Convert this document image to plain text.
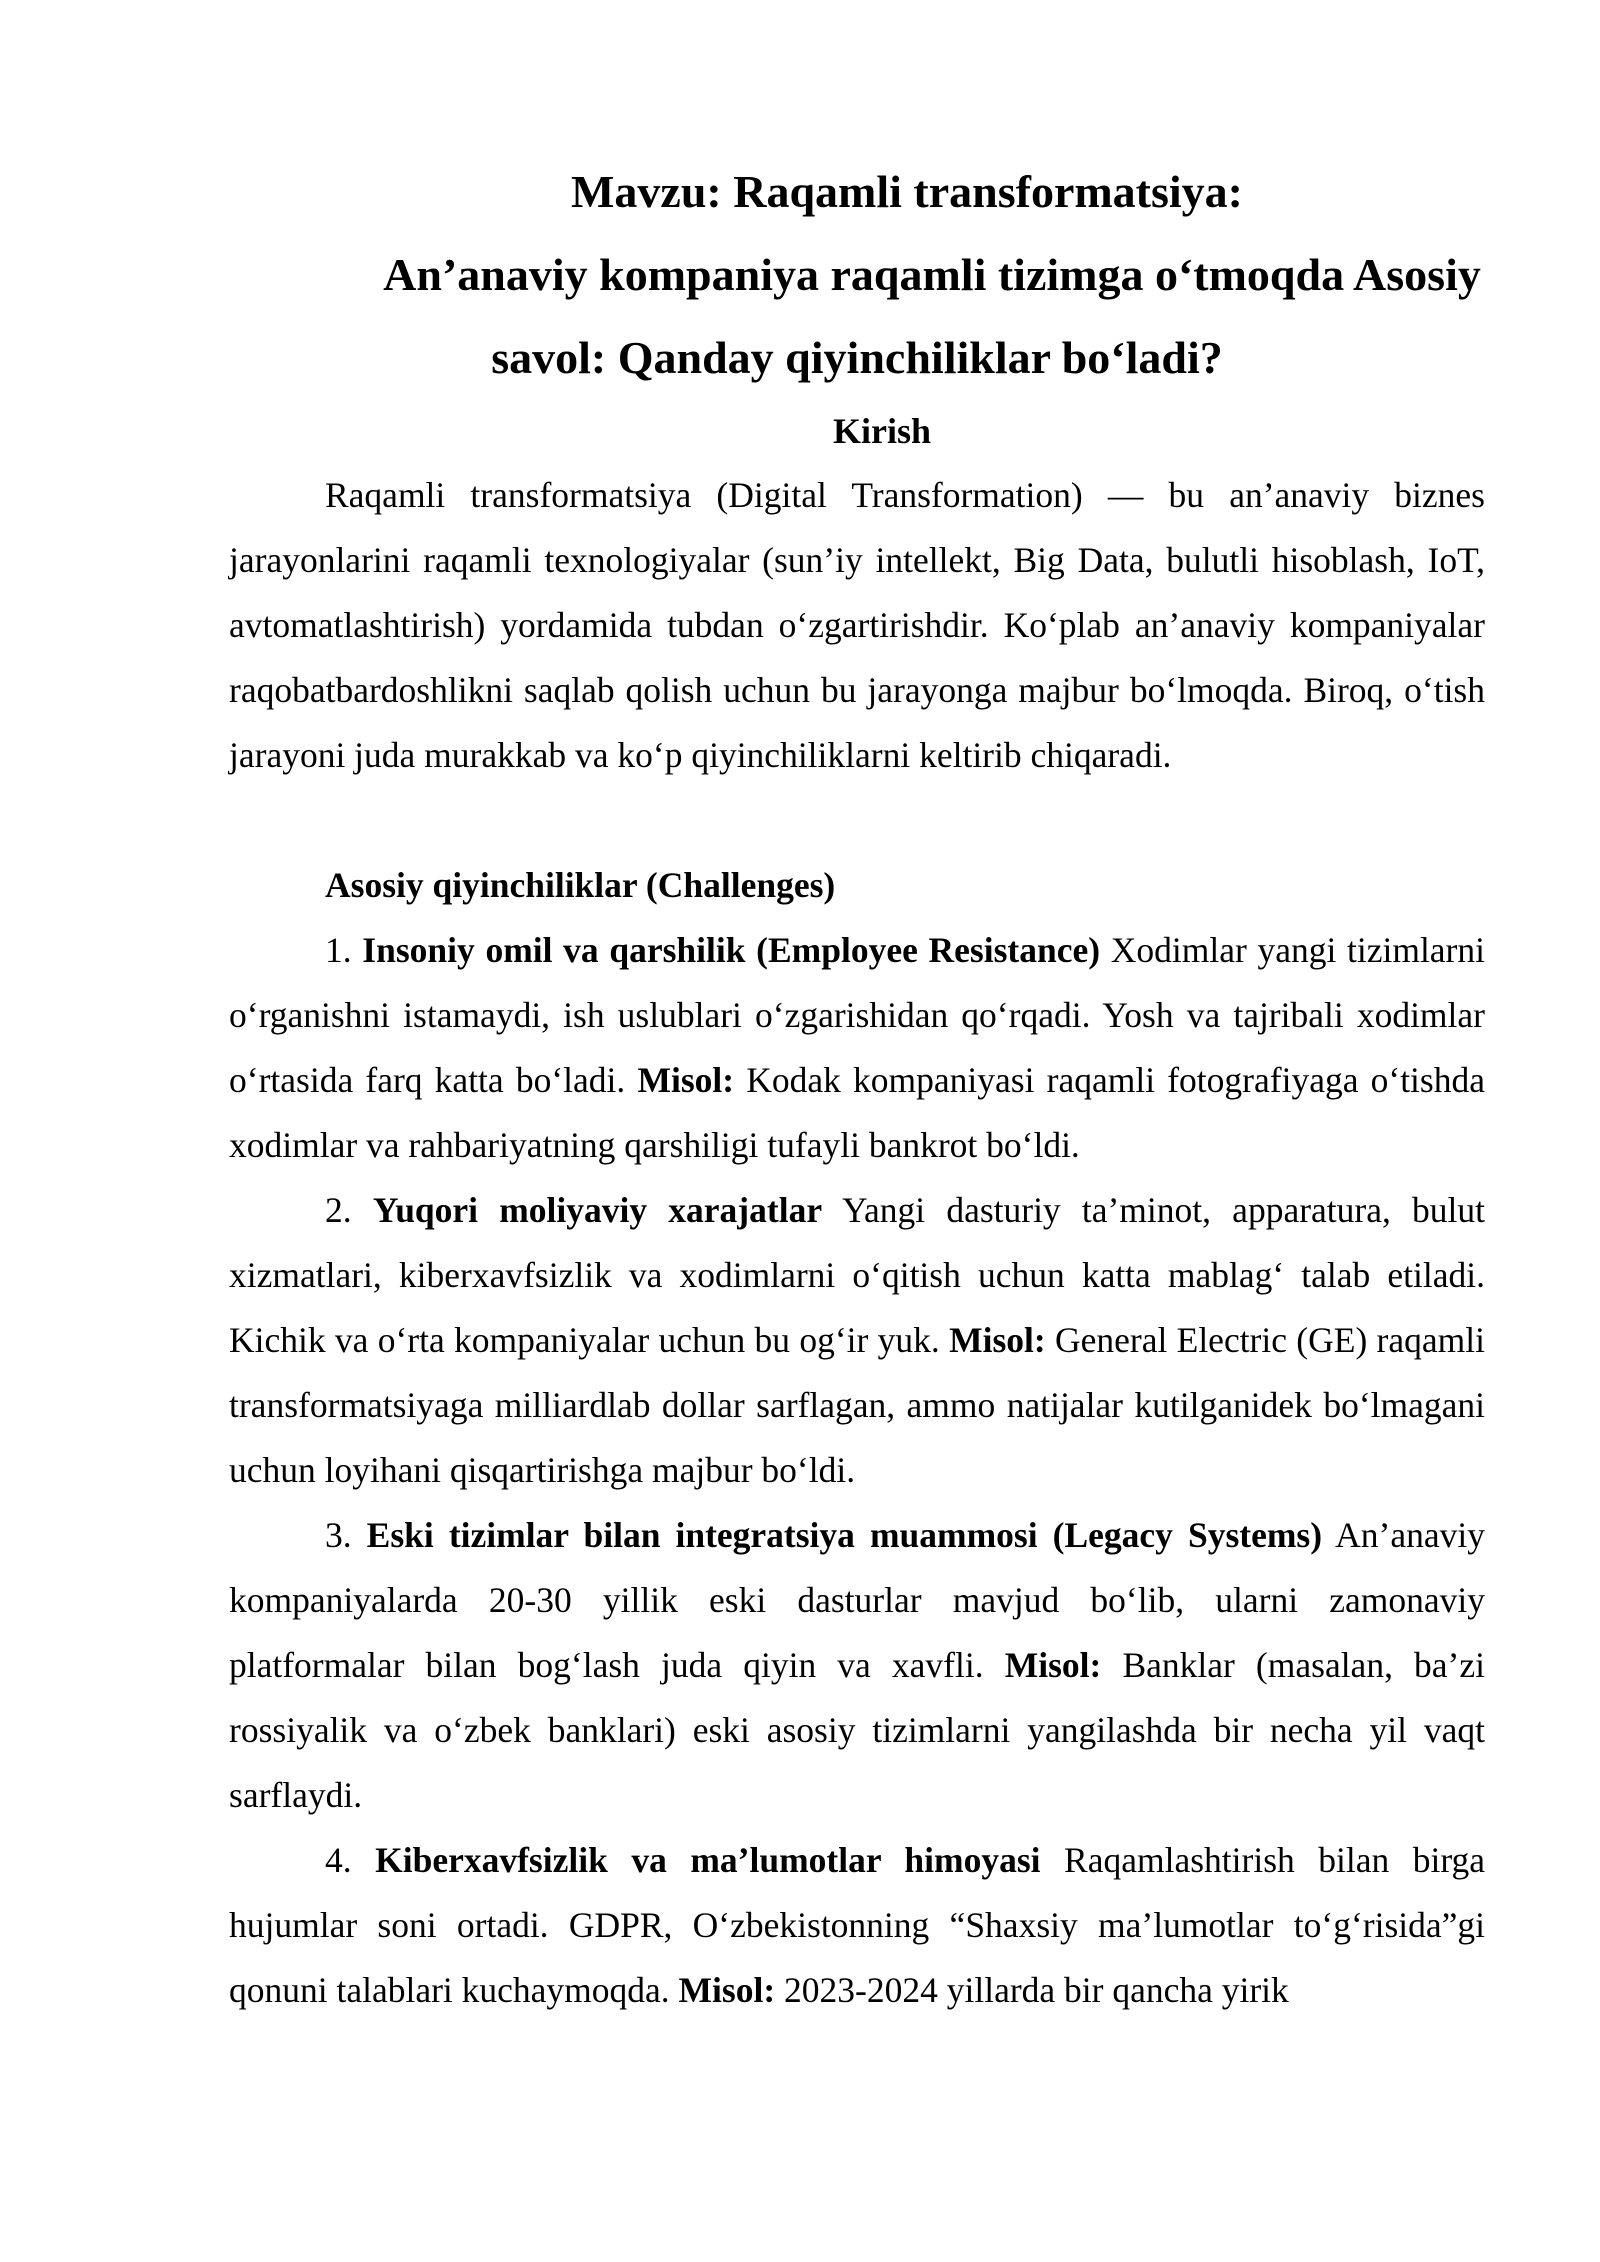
Mavzu: Raqamli transformatsiya:
An’anaviy kompaniya raqamli tizimga o‘tmoqda Asosiy
savol: Qanday qiyinchiliklar bo‘ladi?
Kirish

Raqamli transformatsiya (Digital Transformation) — bu an’anaviy biznes jarayonlarini raqamli texnologiyalar (sun’iy intellekt, Big Data, bulutli hisoblash, IoT, avtomatlashtirish) yordamida tubdan o‘zgartirishdir. Ko‘plab an’anaviy kompaniyalar raqobatbardoshlikni saqlab qolish uchun bu jarayonga majbur bo‘lmoqda. Biroq, o‘tish jarayoni juda murakkab va ko‘p qiyinchiliklarni keltirib chiqaradi.

Asosiy qiyinchiliklar (Challenges)

1. Insoniy omil va qarshilik (Employee Resistance) Xodimlar yangi tizimlarni o‘rganishni istamaydi, ish uslublari o‘zgarishidan qo‘rqadi. Yosh va tajribali xodimlar o‘rtasida farq katta bo‘ladi. Misol: Kodak kompaniyasi raqamli fotografiyaga o‘tishda xodimlar va rahbariyatning qarshiligi tufayli bankrot bo‘ldi.

2. Yuqori moliyaviy xarajatlar Yangi dasturiy ta’minot, apparatura, bulut xizmatlari, kiberxavfsizlik va xodimlarni o‘qitish uchun katta mablag‘ talab etiladi. Kichik va o‘rta kompaniyalar uchun bu og‘ir yuk. Misol: General Electric (GE) raqamli transformatsiyaga milliardlab dollar sarflagan, ammo natijalar kutilganidek bo‘lmagani uchun loyihani qisqartirishga majbur bo‘ldi.

3. Eski tizimlar bilan integratsiya muammosi (Legacy Systems) An’anaviy kompaniyalarda 20-30 yillik eski dasturlar mavjud bo‘lib, ularni zamonaviy platformalar bilan bog‘lash juda qiyin va xavfli. Misol: Banklar (masalan, ba’zi rossiyalik va o‘zbek banklari) eski asosiy tizimlarni yangilashda bir necha yil vaqt sarflaydi.

4. Kiberxavfsizlik va ma’lumotlar himoyasi Raqamlashtirish bilan birga hujumlar soni ortadi. GDPR, O‘zbekistonning “Shaxsiy ma’lumotlar to‘g‘risida”gi qonuni talablari kuchaymoqda. Misol: 2023-2024 yillarda bir qancha yirik
